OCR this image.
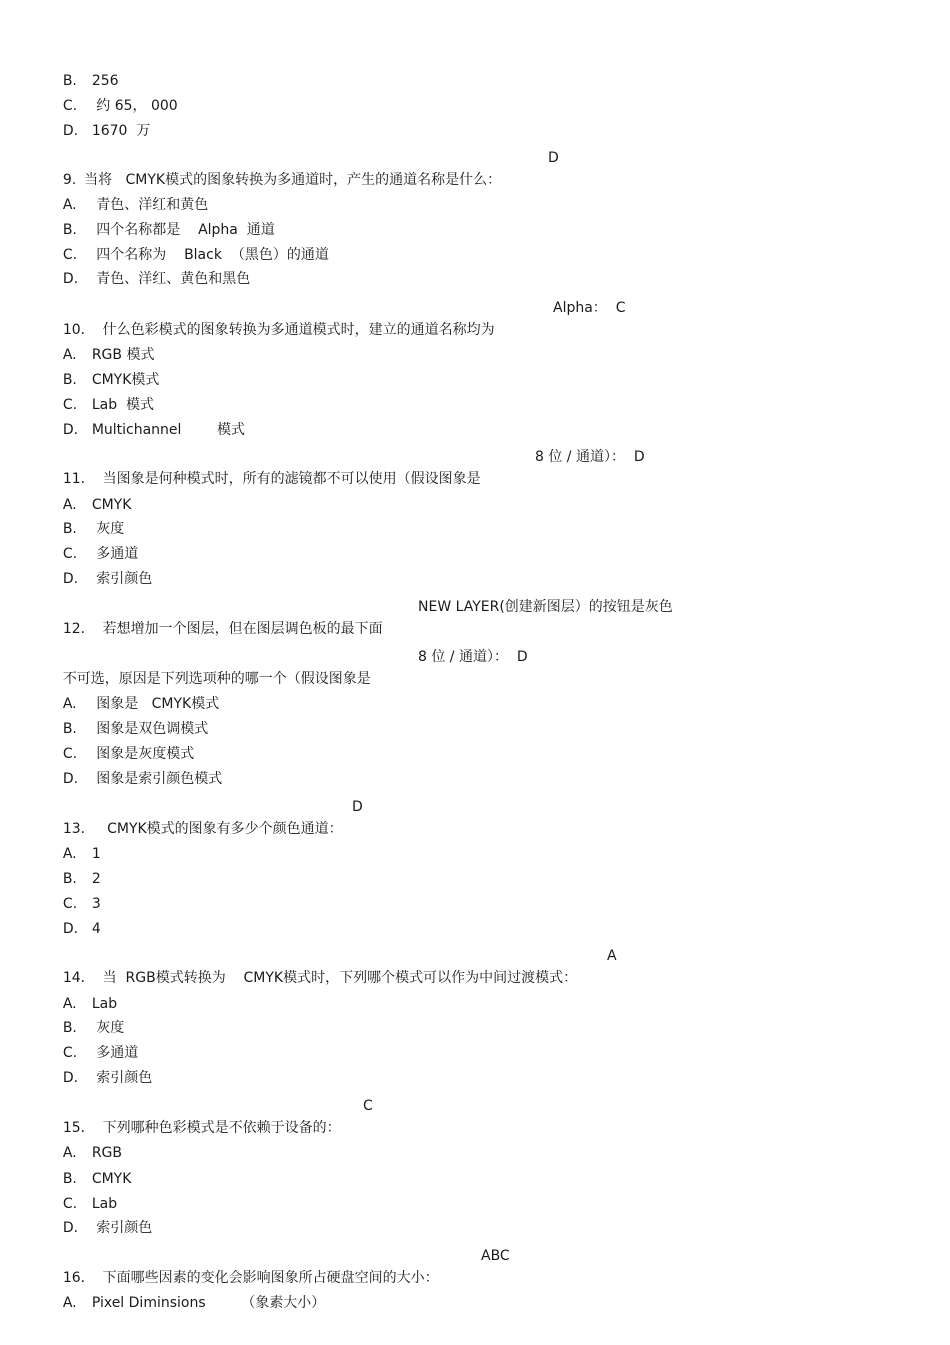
B. 256

C. 约 65， 000

D. 1670  万

9. 当将   CMYK模式的图象转换为多通道时，产生的通道名称是什么：

D

A. 青色、洋红和黄色

B. 四个名称都是    Alpha  通道

C. 四个名称为    Black  （黑色）的通道

D. 青色、洋红、黄色和黑色

10． 什么色彩模式的图象转换为多通道模式时，建立的通道名称均为

Alpha：  C

A. RGB 模式

B. CMYK模式

C. Lab  模式

D. Multichannel        模式

11． 当图象是何种模式时，所有的滤镜都不可以使用（假设图象是

8 位 / 通道）：  D

A. CMYK

B. 灰度

C. 多通道

D. 索引颜色

12． 若想增加一个图层，但在图层调色板的最下面

NEW LAYER(创建新图层）的按钮是灰色

不可选，原因是下列选项种的哪一个（假设图象是

8 位 / 通道）：  D

A. 图象是   CMYK模式

B. 图象是双色调模式

C. 图象是灰度模式

D. 图象是索引颜色模式

13． CMYK模式的图象有多少个颜色通道：

D

A. 1

B. 2

C. 3

D. 4

14． 当  RGB模式转换为    CMYK模式时，下列哪个模式可以作为中间过渡模式：

A

A. Lab

B. 灰度

C. 多通道

D. 索引颜色

15． 下列哪种色彩模式是不依赖于设备的：

C

A. RGB

B. CMYK

C. Lab

D. 索引颜色

16． 下面哪些因素的变化会影响图象所占硬盘空间的大小：

ABC

A. Pixel Diminsions        （象素大小）
